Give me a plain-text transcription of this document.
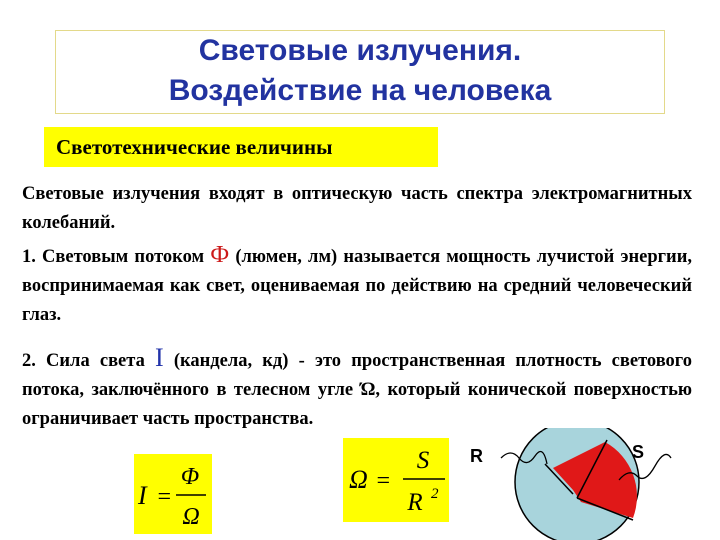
Световые излучения.
Воздействие на человека
Светотехнические величины
Световые излучения входят в оптическую часть спектра электромагнитных колебаний.
1. Световым потоком Ф (люмен, лм) называется мощность лучистой энергии, воспринимаемая как свет, оцениваемая по действию на средний человеческий глаз.
2. Сила света I (кандела, кд) - это пространственная плотность светового потока, заключённого в телесном угле Ώ, который конической поверхностью ограничивает часть пространства.
I =
Φ
Ω
Ω =
S
R 2
R	S
